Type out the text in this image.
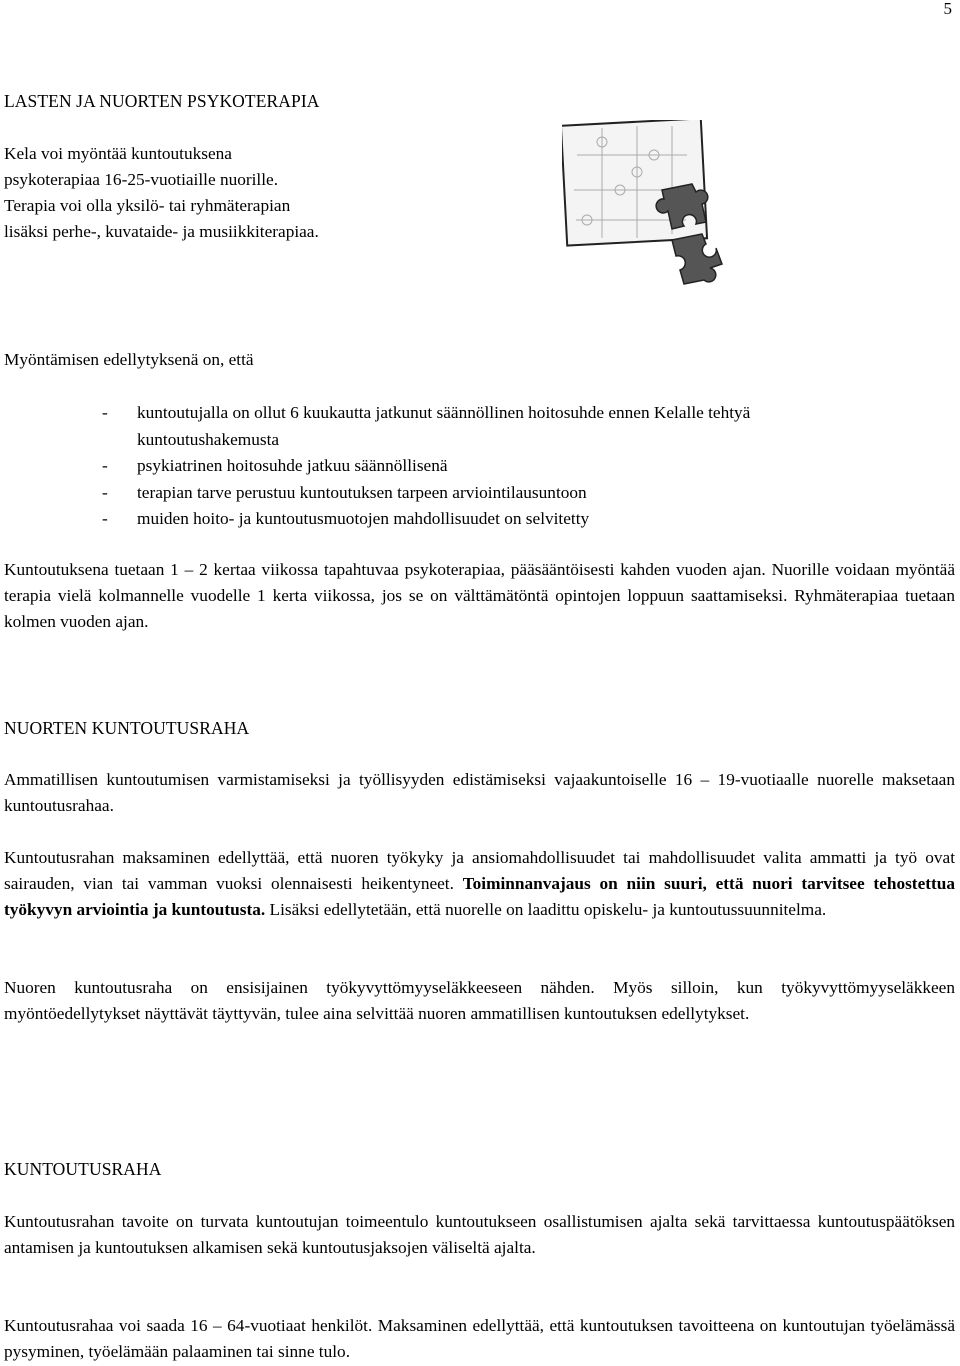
5
LASTEN JA NUORTEN PSYKOTERAPIA
Kela voi myöntää kuntoutuksena
psykoterapiaa 16-25-vuotiaille nuorille.
Terapia voi olla yksilö- tai ryhmäterapian
lisäksi perhe-, kuvataide- ja musiikkiterapiaa.
Myöntämisen edellytyksenä on, että
- kuntoutujalla on ollut 6 kuukautta jatkunut säännöllinen hoitosuhde ennen Kelalle tehtyä
kuntoutushakemusta
- psykiatrinen hoitosuhde jatkuu säännöllisenä
- terapian tarve perustuu kuntoutuksen tarpeen arviointilausuntoon
- muiden hoito- ja kuntoutusmuotojen mahdollisuudet on selvitetty

Kuntoutuksena tuetaan 1 – 2 kertaa viikossa tapahtuvaa psykoterapiaa, pääsääntöisesti kahden vuoden ajan. Nuorille voidaan myöntää terapia vielä kolmannelle vuodelle 1 kerta viikossa, jos se on välttämätöntä opintojen loppuun saattamiseksi. Ryhmäterapiaa tuetaan kolmen vuoden ajan.

NUORTEN KUNTOUTUSRAHA

Ammatillisen kuntoutumisen varmistamiseksi ja työllisyyden edistämiseksi vajaakuntoiselle 16 – 19-vuotiaalle nuorelle maksetaan kuntoutusrahaa.

Kuntoutusrahan maksaminen edellyttää, että nuoren työkyky ja ansiomahdollisuudet tai mahdollisuudet valita ammatti ja työ ovat sairauden, vian tai vamman vuoksi olennaisesti heikentyneet. Toiminnanvajaus on niin suuri, että nuori tarvitsee tehostettua työkyvyn arviointia ja kuntoutusta. Lisäksi edellytetään, että nuorelle on laadittu opiskelu- ja kuntoutussuunnitelma.

Nuoren kuntoutusraha on ensisijainen työkyvyttömyyseläkkeeseen nähden. Myös silloin, kun työkyvyttömyyseläkkeen myöntöedellytykset näyttävät täyttyvän, tulee aina selvittää nuoren ammatillisen kuntoutuksen edellytykset.

KUNTOUTUSRAHA

Kuntoutusrahan tavoite on turvata kuntoutujan toimeentulo kuntoutukseen osallistumisen ajalta sekä tarvittaessa kuntoutuspäätöksen antamisen ja kuntoutuksen alkamisen sekä kuntoutusjaksojen väliseltä ajalta.

Kuntoutusrahaa voi saada 16 – 64-vuotiaat henkilöt. Maksaminen edellyttää, että kuntoutuksen tavoitteena on kuntoutujan työelämässä pysyminen, työelämään palaaminen tai sinne tulo.
